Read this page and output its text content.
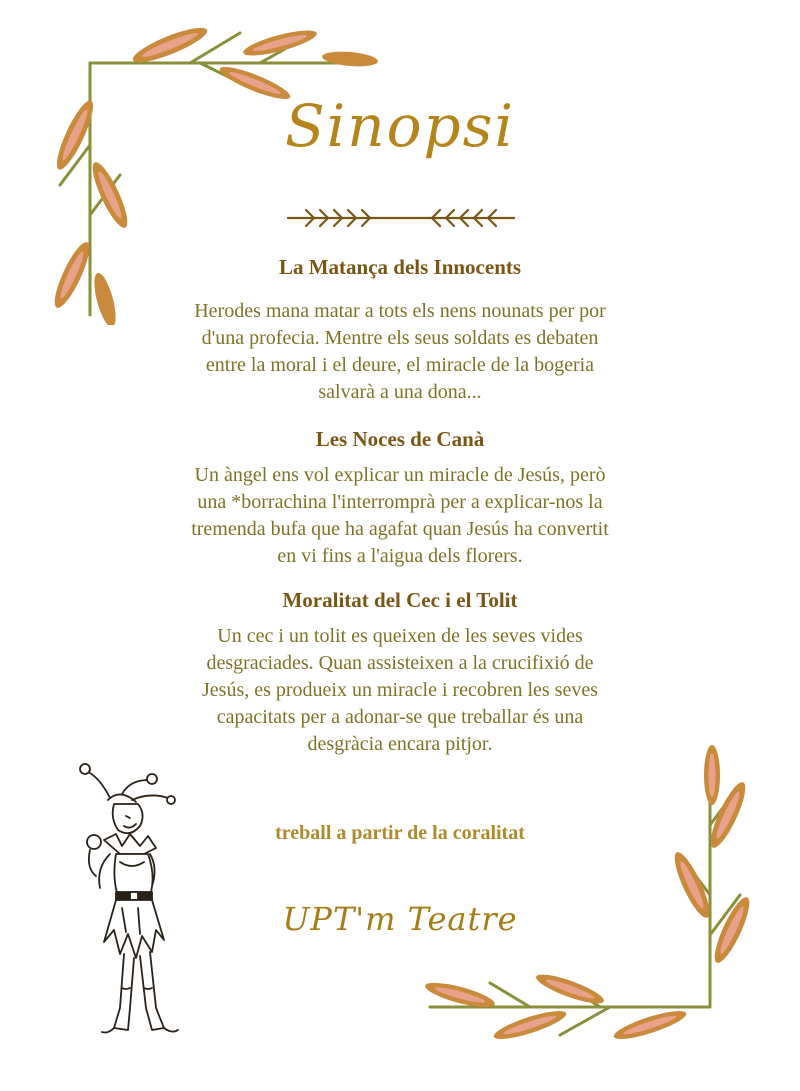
Sinopsi
La Matança dels Innocents
Herodes mana matar a tots els nens nounats per por
d'una profecia. Mentre els seus soldats es debaten
entre la moral i el deure, el miracle de la bogeria
salvarà a una dona...
Les Noces de Canà
Un àngel ens vol explicar un miracle de Jesús, però
una *borrachina l'interromprà per a explicar-nos la
tremenda bufa que ha agafat quan Jesús ha convertit
en vi fins a l'aigua dels florers.
Moralitat del Cec i el Tolit
Un cec i un tolit es queixen de les seves vides
desgraciades. Quan assisteixen a la crucifixió de
Jesús, es produeix un miracle i recobren les seves
capacitats per a adonar-se que treballar és una
desgràcia encara pitjor.
treball a partir de la coralitat
UPT'm Teatre
